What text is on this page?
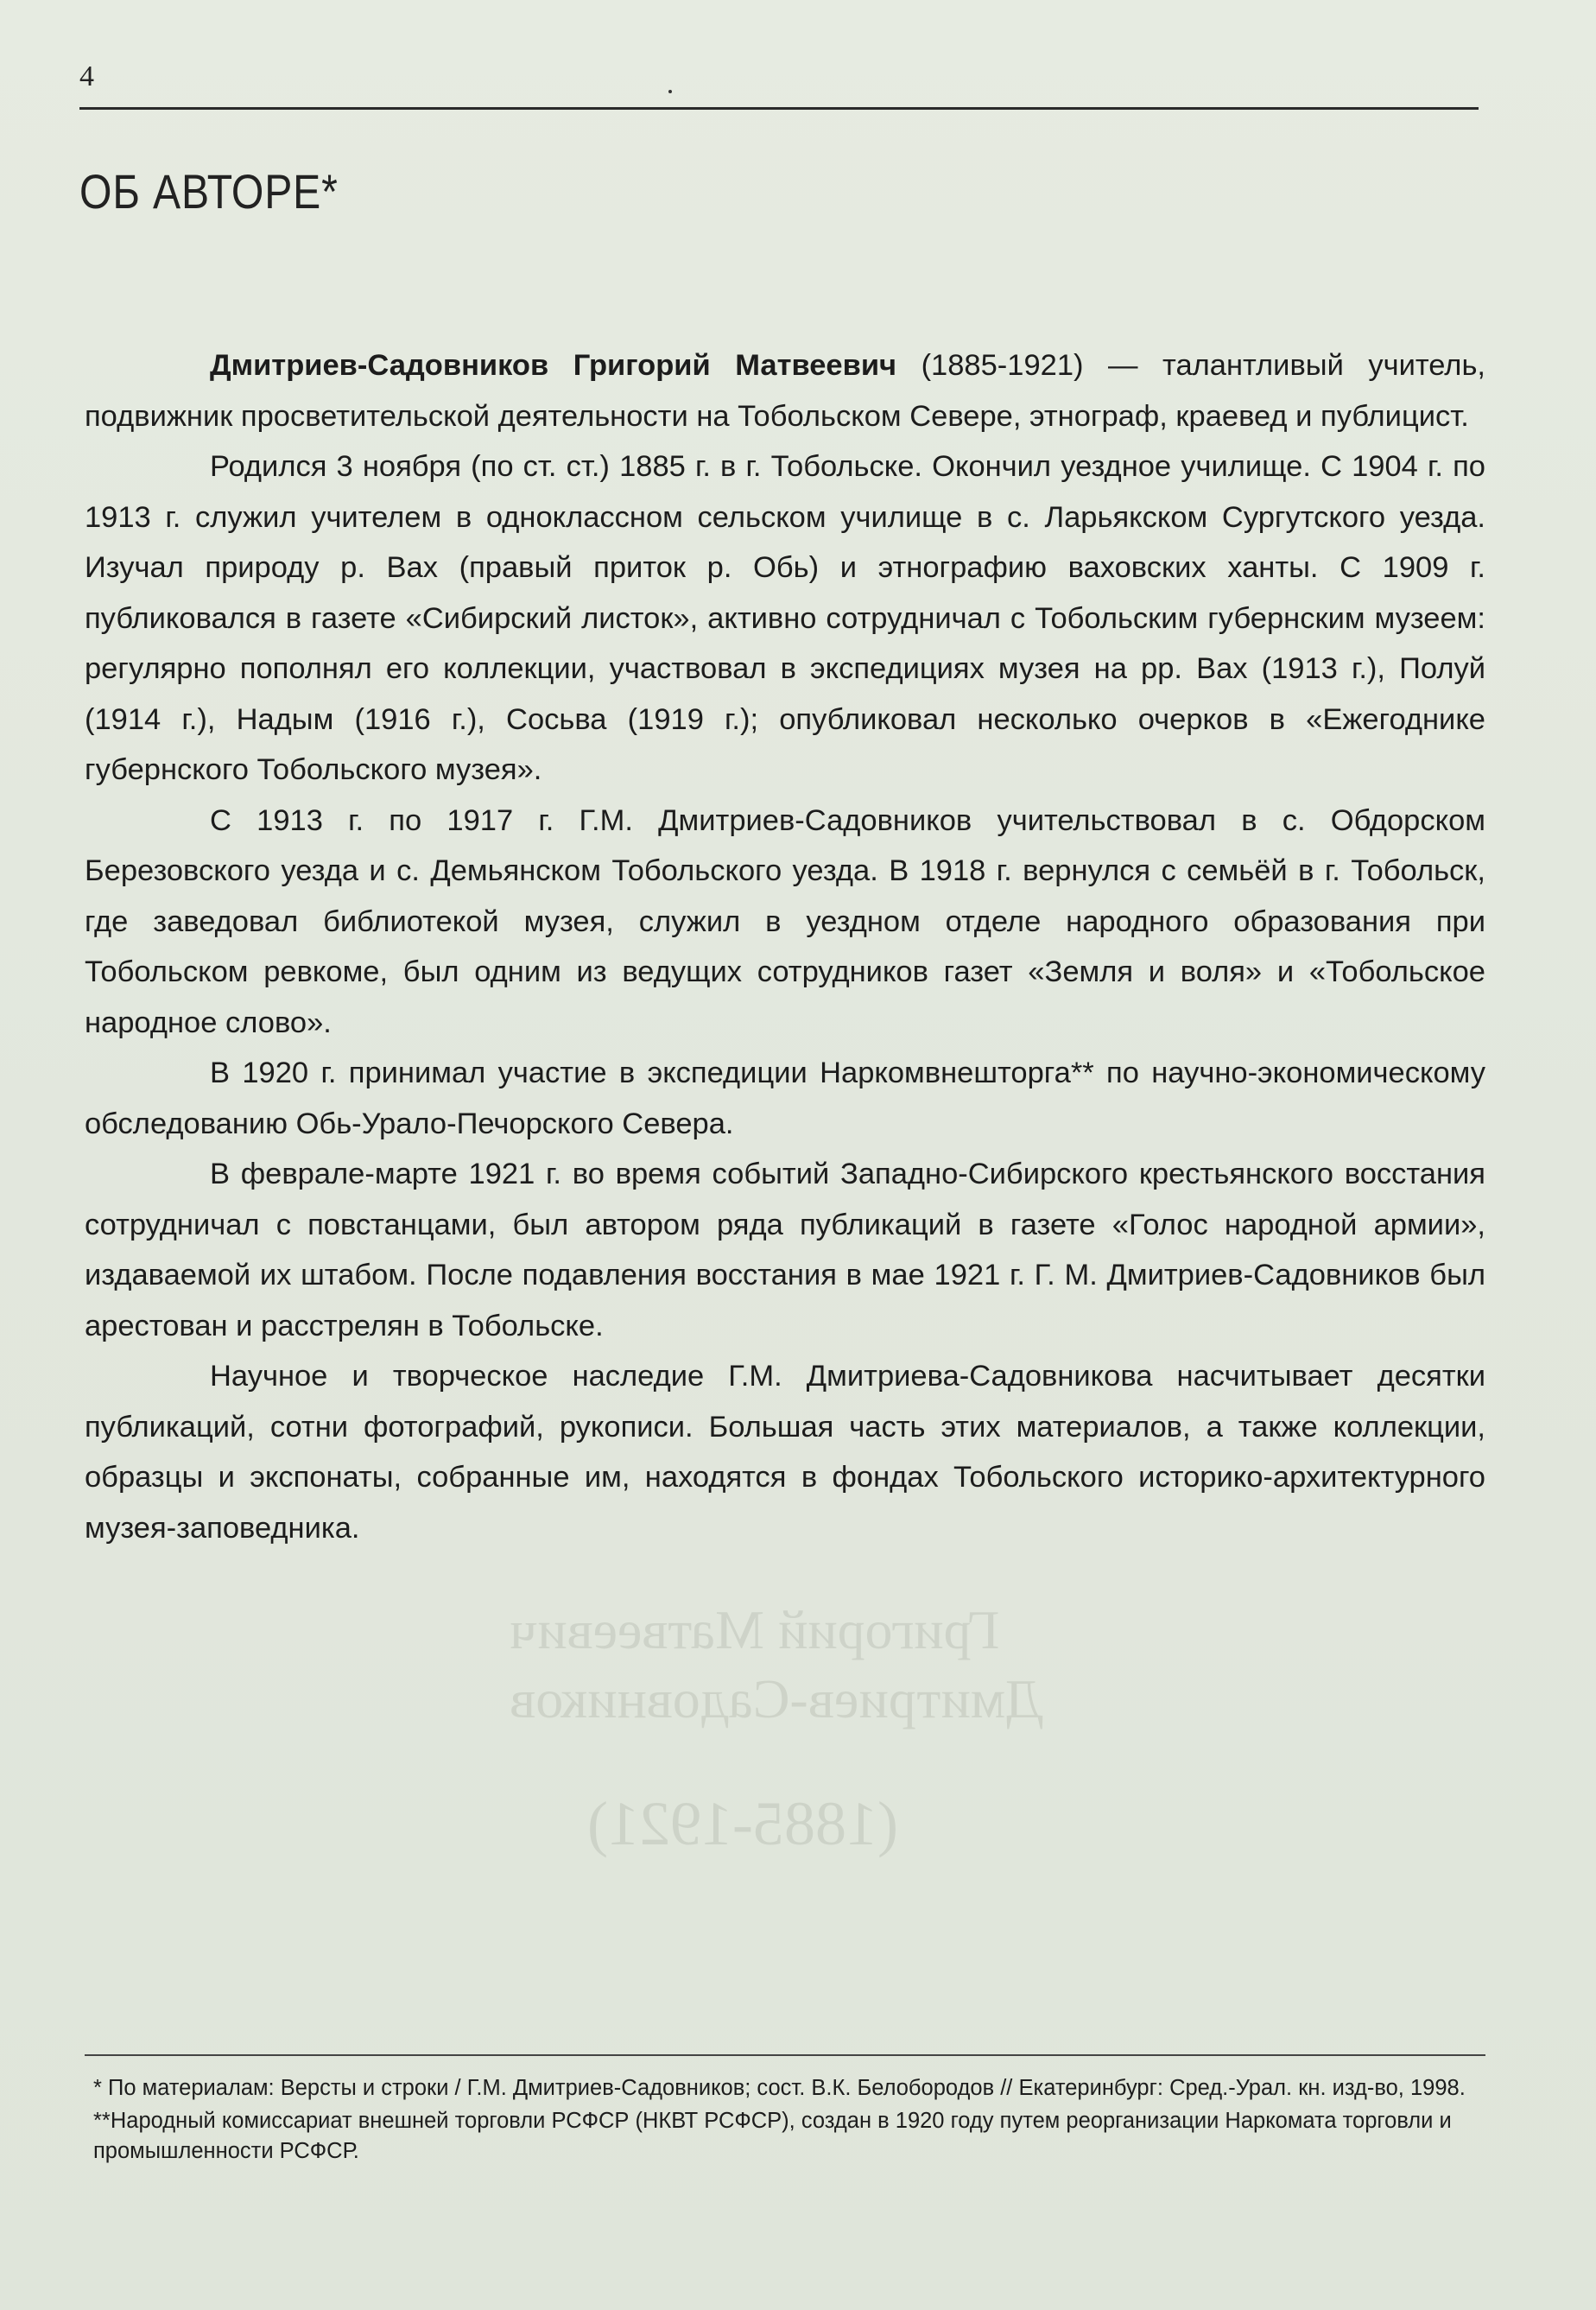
4
ОБ АВТОРЕ*
Григорий Матвеевич
Дмитриев-Садовников
(1885-1921)

Дмитриев-Садовников Григорий Матвеевич (1885-1921) — талантливый учитель, подвижник просветительской деятельности на Тобольском Севере, этнограф, краевед и публицист.

Родился 3 ноября (по ст. ст.) 1885 г. в г. Тобольске. Окончил уездное училище. С 1904 г. по 1913 г. служил учителем в одноклассном сельском училище в с. Ларьякском Сургутского уезда. Изучал природу р. Вах (правый приток р. Обь) и этнографию ваховских ханты. С 1909 г. публиковался в газете «Сибирский листок», активно сотрудничал с Тобольским губернским музеем: регулярно пополнял его коллекции, участвовал в экспедициях музея на рр. Вах (1913 г.), Полуй (1914 г.), Надым (1916 г.), Сосьва (1919 г.); опубликовал несколько очерков в «Ежегоднике губернского Тобольского музея».

С 1913 г. по 1917 г. Г.М. Дмитриев-Садовников учительствовал в с. Обдорском Березовского уезда и с. Демьянском Тобольского уезда. В 1918 г. вернулся с семьёй в г. Тобольск, где заведовал библиотекой музея, служил в уездном отделе народного образования при Тобольском ревкоме, был одним из ведущих сотрудников газет «Земля и воля» и «Тобольское народное слово».

В 1920 г. принимал участие в экспедиции Наркомвнешторга** по научно-экономическому обследованию Обь-Урало-Печорского Севера.

В феврале-марте 1921 г. во время событий Западно-Сибирского крестьянского восстания сотрудничал с повстанцами, был автором ряда публикаций в газете «Голос народной армии», издаваемой их штабом. После подавления восстания в мае 1921 г. Г. М. Дмитриев-Садовников был арестован и расстрелян в Тобольске.

Научное и творческое наследие Г.М. Дмитриева-Садовникова насчитывает десятки публикаций, сотни фотографий, рукописи. Большая часть этих материалов, а также коллекции, образцы и экспонаты, собранные им, находятся в фондах Тобольского историко-архитектурного музея-заповедника.

* По материалам: Версты и строки / Г.М. Дмитриев-Садовников; сост. В.К. Белобородов // Екатеринбург: Сред.-Урал. кн. изд-во, 1998.

**Народный комиссариат внешней торговли РСФСР (НКВТ РСФСР), создан в 1920 году путем реорганизации Наркомата торговли и промышленности РСФСР.
